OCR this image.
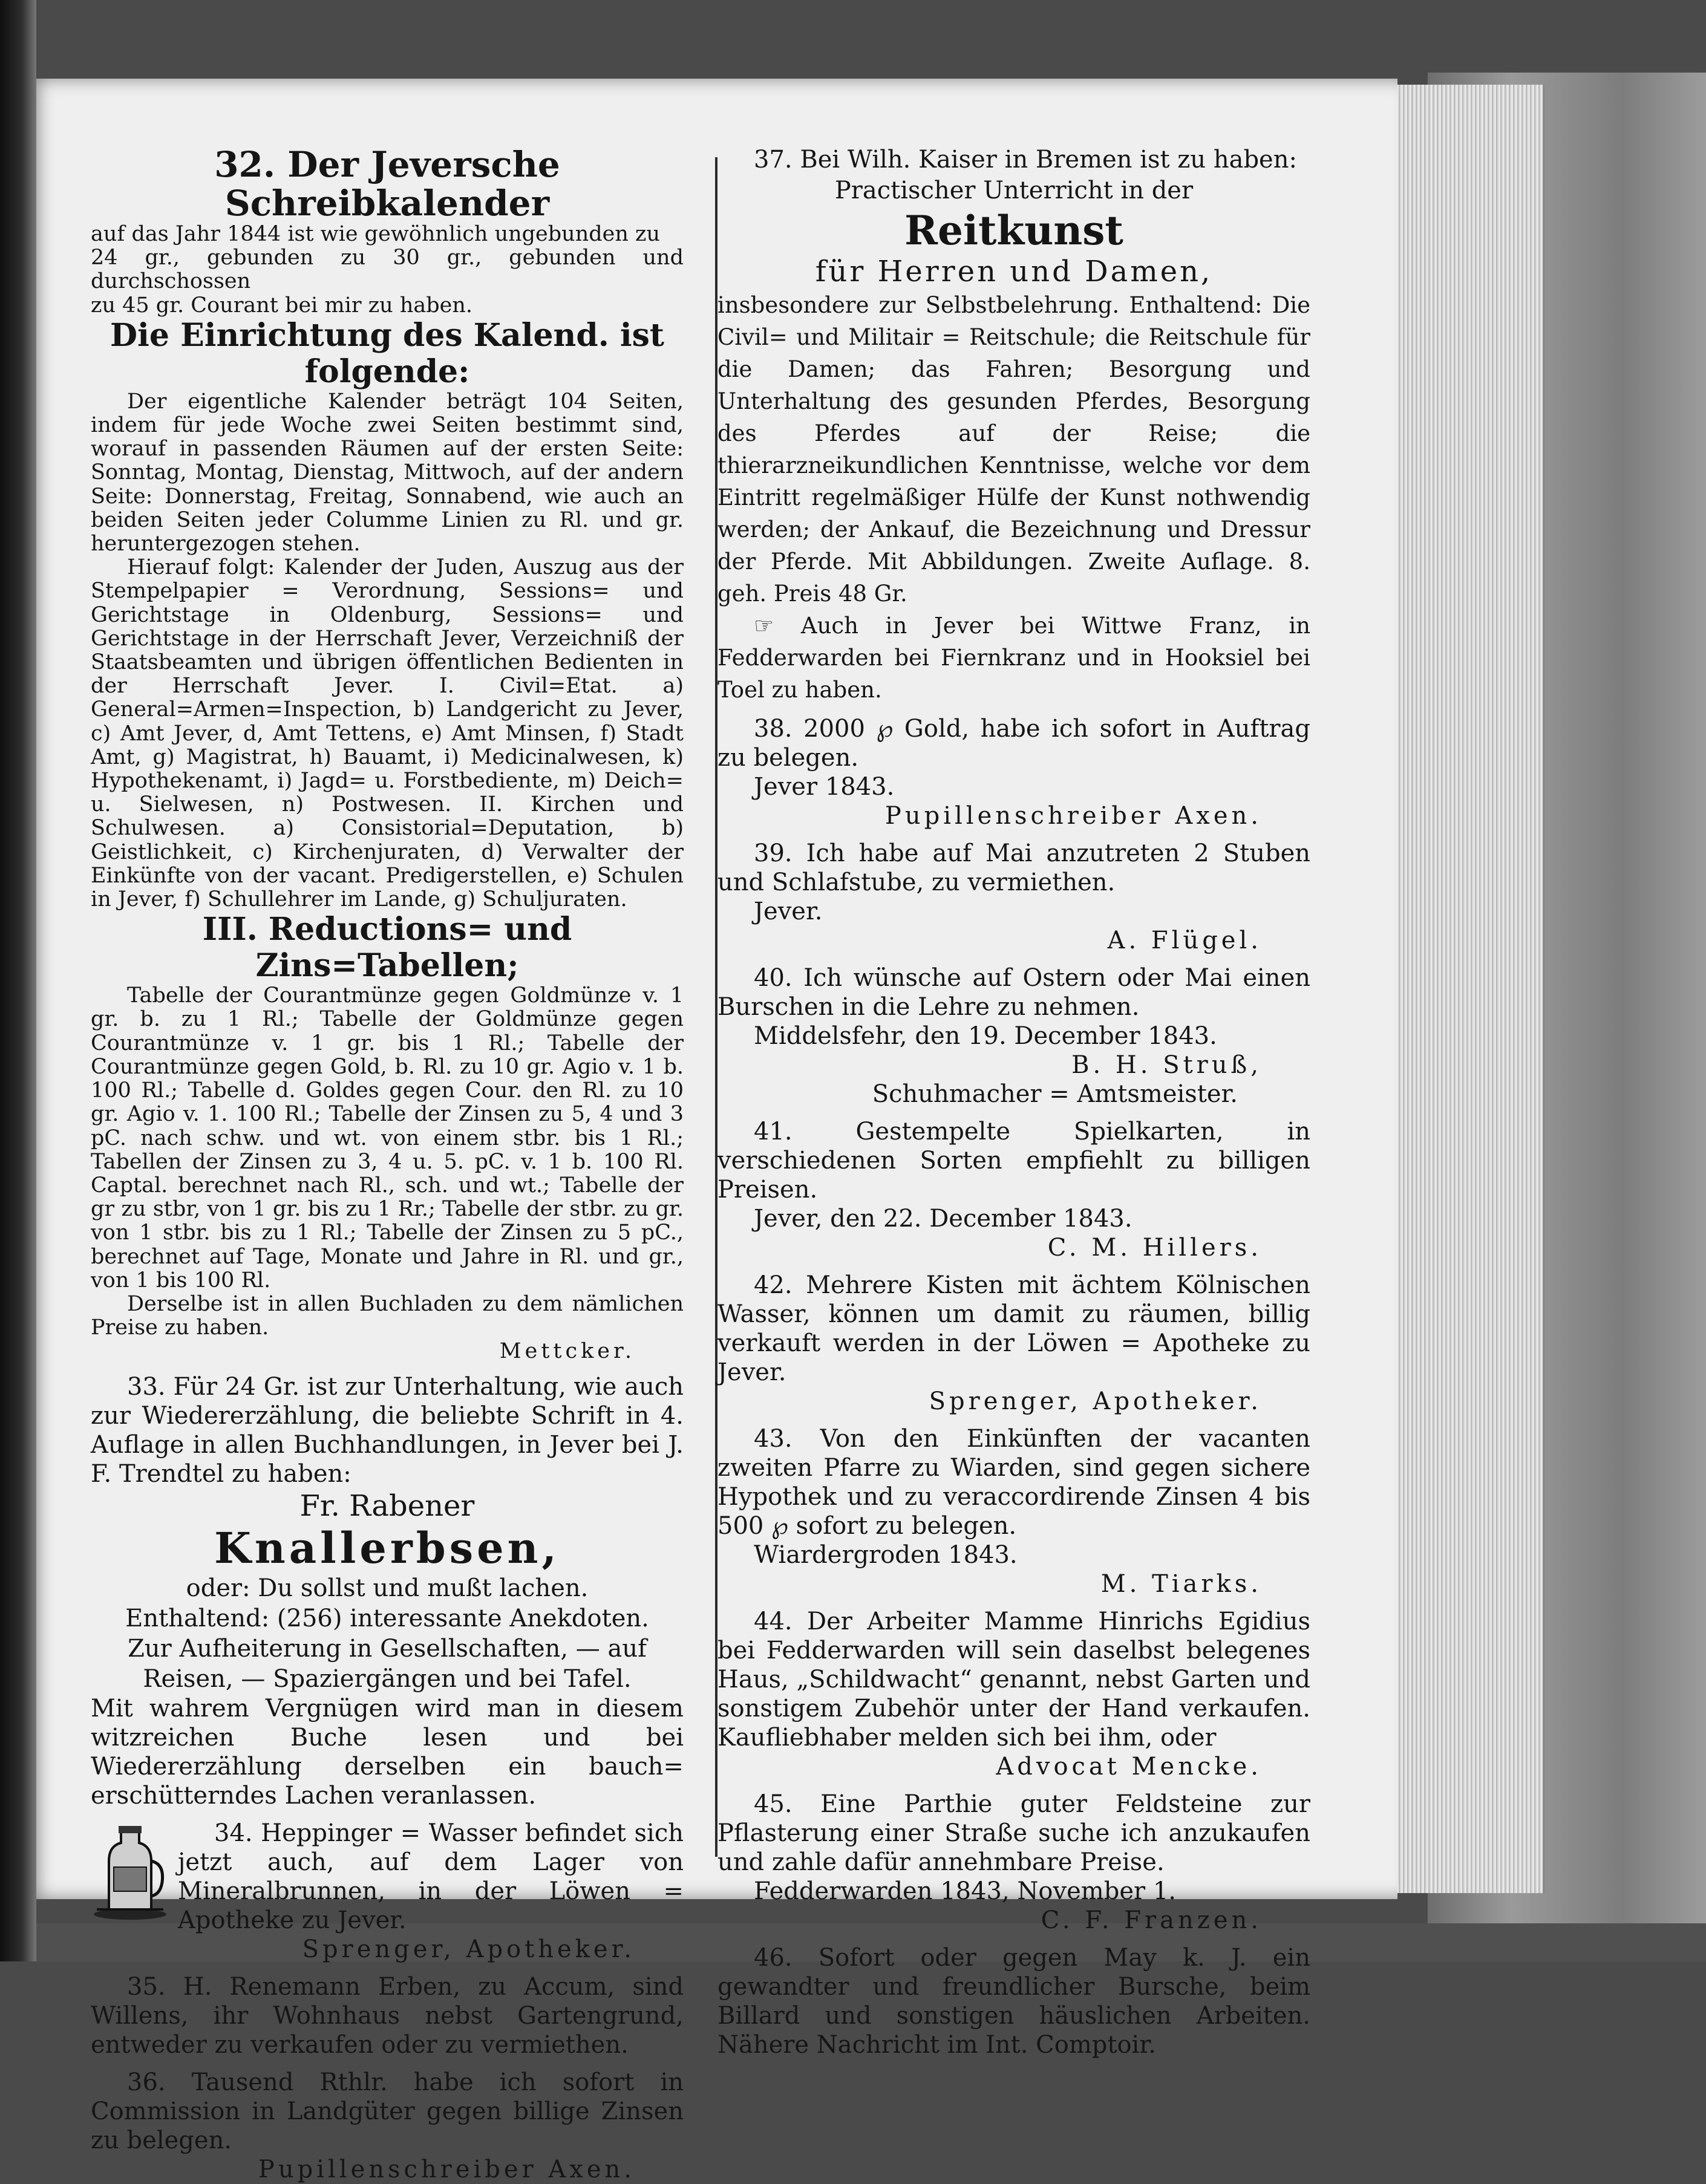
32. Der Jeversche Schreibkalender

auf das Jahr 1844 ist wie gewöhnlich ungebunden zu

24 gr., gebunden zu 30 gr., gebunden und durchschossen

zu 45 gr. Courant bei mir zu haben.

Die Einrichtung des Kalend. ist folgende:

Der eigentliche Kalender beträgt 104 Seiten, indem für jede Woche zwei Seiten bestimmt sind, worauf in passenden Räumen auf der ersten Seite: Sonntag, Montag, Dienstag, Mittwoch, auf der andern Seite: Donnerstag, Freitag, Sonnabend, wie auch an beiden Seiten jeder Columme Linien zu Rl. und gr. heruntergezogen stehen.

Hierauf folgt: Kalender der Juden, Auszug aus der Stempelpapier = Verordnung, Sessions= und Gerichtstage in Oldenburg, Sessions= und Gerichtstage in der Herrschaft Jever, Verzeichniß der Staatsbeamten und übrigen öffentlichen Bedienten in der Herrschaft Jever. I. Civil=Etat. a) General=Armen=Inspection, b) Landgericht zu Jever, c) Amt Jever, d, Amt Tettens, e) Amt Minsen, f) Stadt Amt, g) Magistrat, h) Bauamt, i) Medicinalwesen, k) Hypothekenamt, i) Jagd= u. Forstbediente, m) Deich= u. Sielwesen, n) Postwesen. II. Kirchen und Schulwesen. a) Consistorial=Deputation, b) Geistlichkeit, c) Kirchenjuraten, d) Verwalter der Einkünfte von der vacant. Predigerstellen, e) Schulen in Jever, f) Schullehrer im Lande, g) Schuljuraten.

III. Reductions= und Zins=Tabellen;

Tabelle der Courantmünze gegen Goldmünze v. 1 gr. b. zu 1 Rl.; Tabelle der Goldmünze gegen Courantmünze v. 1 gr. bis 1 Rl.; Tabelle der Courantmünze gegen Gold, b. Rl. zu 10 gr. Agio v. 1 b. 100 Rl.; Tabelle d. Goldes gegen Cour. den Rl. zu 10 gr. Agio v. 1. 100 Rl.; Tabelle der Zinsen zu 5, 4 und 3 pC. nach schw. und wt. von einem stbr. bis 1 Rl.; Tabellen der Zinsen zu 3, 4 u. 5. pC. v. 1 b. 100 Rl. Captal. berechnet nach Rl., sch. und wt.; Tabelle der gr zu stbr, von 1 gr. bis zu 1 Rr.; Tabelle der stbr. zu gr. von 1 stbr. bis zu 1 Rl.; Tabelle der Zinsen zu 5 pC., berechnet auf Tage, Monate und Jahre in Rl. und gr., von 1 bis 100 Rl.

Derselbe ist in allen Buchladen zu dem nämlichen Preise zu haben.

Mettcker.

33. Für 24 Gr. ist zur Unterhaltung, wie auch zur Wiedererzählung, die beliebte Schrift in 4. Auflage in allen Buchhandlungen, in Jever bei J. F. Trendtel zu haben:

Fr. Rabener

Knallerbsen,

oder: Du sollst und mußt lachen.

Enthaltend: (256) interessante Anekdoten.

Zur Aufheiterung in Gesellschaften, — auf Reisen, — Spaziergängen und bei Tafel.

Mit wahrem Vergnügen wird man in diesem witzreichen Buche lesen und bei Wiedererzählung derselben ein bauch= erschütterndes Lachen veranlassen.

34. Heppinger = Wasser befindet sich jetzt auch, auf dem Lager von Mineralbrunnen, in der Löwen = Apotheke zu Jever.

Sprenger, Apotheker.

35. H. Renemann Erben, zu Accum, sind Willens, ihr Wohnhaus nebst Gartengrund, entweder zu verkaufen oder zu vermiethen.

36. Tausend Rthlr. habe ich sofort in Commission in Landgüter gegen billige Zinsen zu belegen.

Pupillenschreiber Axen.

37. Bei Wilh. Kaiser in Bremen ist zu haben:

Practischer Unterricht in der

Reitkunst

für Herren und Damen,

insbesondere zur Selbstbelehrung. Enthaltend: Die Civil= und Militair = Reitschule; die Reitschule für die Damen; das Fahren; Besorgung und Unterhaltung des gesunden Pferdes, Besorgung des Pferdes auf der Reise; die thierarzneikundlichen Kenntnisse, welche vor dem Eintritt regelmäßiger Hülfe der Kunst nothwendig werden; der Ankauf, die Bezeichnung und Dressur der Pferde. Mit Abbildungen. Zweite Auflage. 8. geh. Preis 48 Gr.

☞ Auch in Jever bei Wittwe Franz, in Fedderwarden bei Fiernkranz und in Hooksiel bei Toel zu haben.

38. 2000 ℘ Gold, habe ich sofort in Auftrag zu belegen.

Jever 1843.

Pupillenschreiber Axen.

39. Ich habe auf Mai anzutreten 2 Stuben und Schlafstube, zu vermiethen.

Jever.

A. Flügel.

40. Ich wünsche auf Ostern oder Mai einen Burschen in die Lehre zu nehmen.

Middelsfehr, den 19. December 1843.

B. H. Struß,

Schuhmacher = Amtsmeister.

41. Gestempelte Spielkarten, in verschiedenen Sorten empfiehlt zu billigen Preisen.

Jever, den 22. December 1843.

C. M. Hillers.

42. Mehrere Kisten mit ächtem Kölnischen Wasser, können um damit zu räumen, billig verkauft werden in der Löwen = Apotheke zu Jever.

Sprenger, Apotheker.

43. Von den Einkünften der vacanten zweiten Pfarre zu Wiarden, sind gegen sichere Hypothek und zu veraccordirende Zinsen 4 bis 500 ℘ sofort zu belegen.

Wiardergroden 1843.

M. Tiarks.

44. Der Arbeiter Mamme Hinrichs Egidius bei Fedderwarden will sein daselbst belegenes Haus, „Schildwacht“ genannt, nebst Garten und sonstigem Zubehör unter der Hand verkaufen. Kaufliebhaber melden sich bei ihm, oder

Advocat Mencke.

45. Eine Parthie guter Feldsteine zur Pflasterung einer Straße suche ich anzukaufen und zahle dafür annehmbare Preise.

Fedderwarden 1843, November 1.

C. F. Franzen.

46. Sofort oder gegen May k. J. ein gewandter und freundlicher Bursche, beim Billard und sonstigen häuslichen Arbeiten. Nähere Nachricht im Int. Comptoir.
